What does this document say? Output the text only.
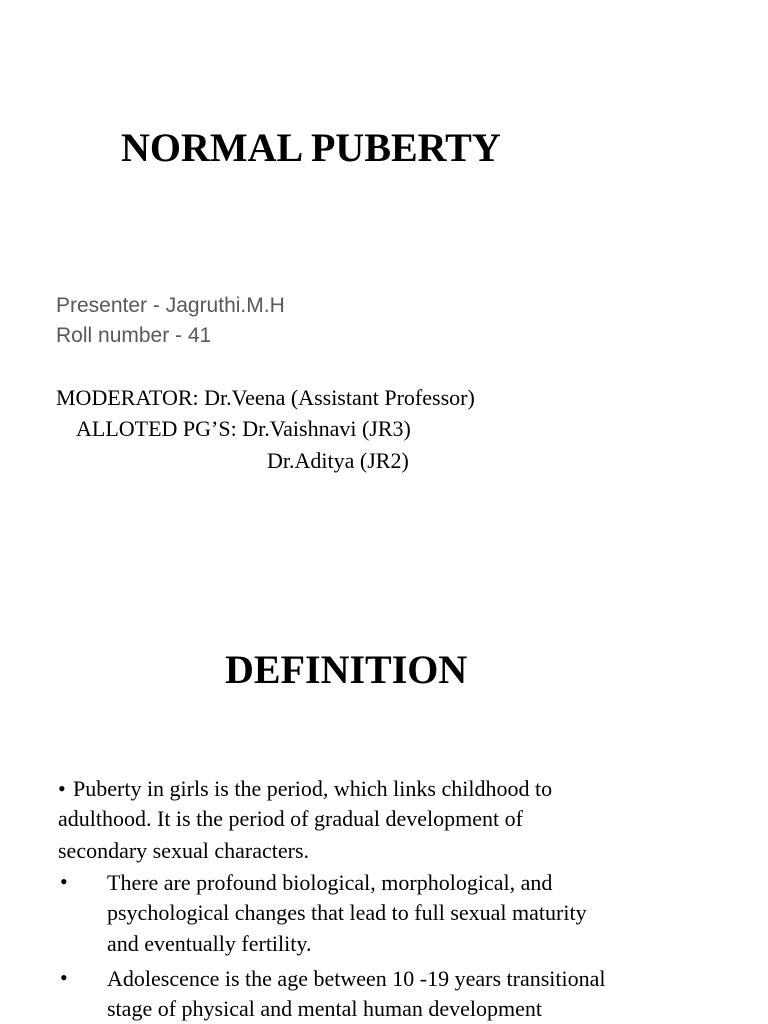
NORMAL PUBERTY
Presenter - Jagruthi.M.H
Roll number - 41
MODERATOR: Dr.Veena (Assistant Professor)
ALLOTED PG’S: Dr.Vaishnavi (JR3)
Dr.Aditya (JR2)
DEFINITION
• Puberty in girls is the period, which links childhood to
adulthood. It is the period of gradual development of
secondary sexual characters.
• There are profound biological, morphological, and
psychological changes that lead to full sexual maturity
and eventually fertility.
• Adolescence is the age between 10 -19 years transitional
stage of physical and mental human development
